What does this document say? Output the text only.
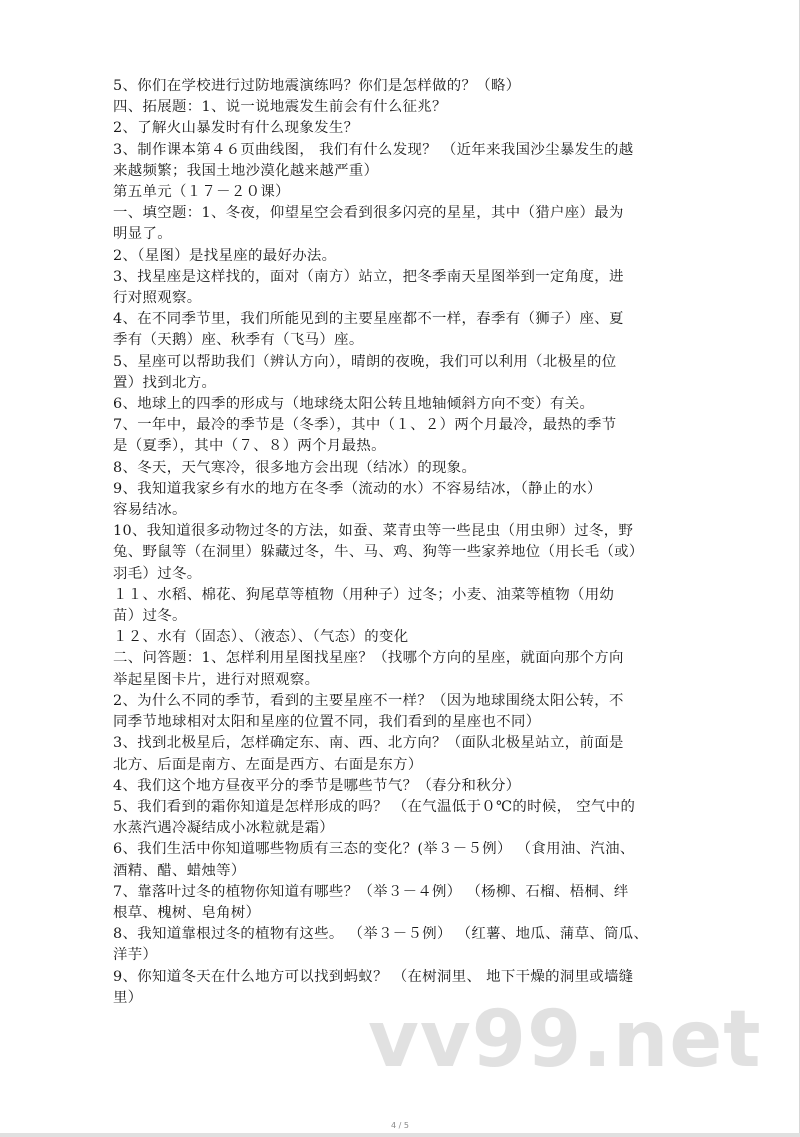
5、你们在学校进行过防地震演练吗？你们是怎样做的？（略）
四、拓展题：1、说一说地震发生前会有什么征兆？
2、了解火山暴发时有什么现象发生？
3、制作课本第４６页曲线图， 我们有什么发现？ （近年来我国沙尘暴发生的越
来越频繁；我国土地沙漠化越来越严重）
第五单元（１７－２０课）
一、填空题：1、冬夜，仰望星空会看到很多闪亮的星星，其中（猎户座）最为
明显了。
2、（星图）是找星座的最好办法。
3、找星座是这样找的，面对（南方）站立，把冬季南天星图举到一定角度，进
行对照观察。
4、在不同季节里，我们所能见到的主要星座都不一样，春季有（狮子）座、夏
季有（天鹅）座、秋季有（飞马）座。
5、星座可以帮助我们（辨认方向），晴朗的夜晚，我们可以利用（北极星的位
置）找到北方。
6、地球上的四季的形成与（地球绕太阳公转且地轴倾斜方向不变）有关。
7、一年中，最冷的季节是（冬季），其中（１、２）两个月最冷，最热的季节
是（夏季），其中（７、８）两个月最热。
8、冬天，天气寒冷，很多地方会出现（结冰）的现象。
9、我知道我家乡有水的地方在冬季（流动的水）不容易结冰，（静止的水）
容易结冰。
10、我知道很多动物过冬的方法，如蚕、菜青虫等一些昆虫（用虫卵）过冬，野
兔、野鼠等（在洞里）躲藏过冬，牛、马、鸡、狗等一些家养地位（用长毛（或）
羽毛）过冬。
１１、水稻、棉花、狗尾草等植物（用种子）过冬；小麦、油菜等植物（用幼
苗）过冬。
１２、水有（固态）、（液态）、（气态）的变化
二、问答题：1、怎样利用星图找星座？（找哪个方向的星座，就面向那个方向
举起星图卡片，进行对照观察。
2、为什么不同的季节，看到的主要星座不一样？（因为地球围绕太阳公转，不
同季节地球相对太阳和星座的位置不同，我们看到的星座也不同）
3、找到北极星后，怎样确定东、南、西、北方向？（面队北极星站立，前面是
北方、后面是南方、左面是西方、右面是东方）
4、我们这个地方昼夜平分的季节是哪些节气？（春分和秋分）
5、我们看到的霜你知道是怎样形成的吗？ （在气温低于０℃的时候， 空气中的
水蒸汽遇冷凝结成小冰粒就是霜）
6、我们生活中你知道哪些物质有三态的变化？(举３－５例） （食用油、汽油、
酒精、醋、蜡烛等）
7、靠落叶过冬的植物你知道有哪些？（举３－４例） （杨柳、石榴、梧桐、绊
根草、槐树、皂角树）
8、我知道靠根过冬的植物有这些。 （举３－５例） （红薯、地瓜、蒲草、筒瓜、
洋芋）
9、你知道冬天在什么地方可以找到蚂蚁？ （在树洞里、 地下干燥的洞里或墙缝
里）	vv99.net
4 / 5
